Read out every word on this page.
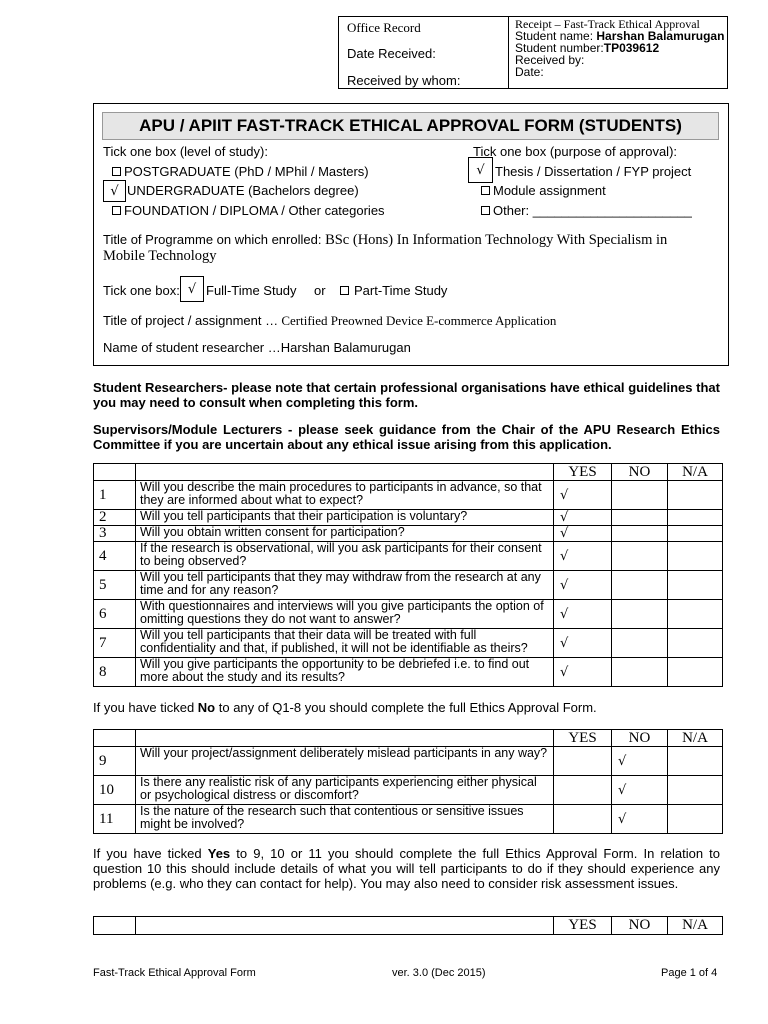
Office Record
Date Received:
Received by whom:
Receipt – Fast-Track Ethical Approval
Student name: Harshan Balamurugan
Student number:TP039612
Received by:
Date:
APU / APIIT FAST-TRACK ETHICAL APPROVAL FORM (STUDENTS)
Tick one box (level of study):
POSTGRADUATE (PhD / MPhil / Masters)
√ UNDERGRADUATE (Bachelors degree)
FOUNDATION / DIPLOMA / Other categories
Tick one box (purpose of approval):
√ Thesis / Dissertation / FYP project
Module assignment
Other: ______________________
Title of Programme on which enrolled: BSc (Hons) In Information Technology With Specialism in
Mobile Technology
Tick one box: √ Full-Time Study or	Part-Time Study
Title of project / assignment … Certified Preowned Device E-commerce Application
Name of student researcher …Harshan Balamurugan
Student Researchers- please note that certain professional organisations have ethical guidelines that you may need to consult when completing this form.
Supervisors/Module Lecturers - please seek guidance from the Chair of the APU Research Ethics Committee if you are uncertain about any ethical issue arising from this application.
		YES	NO	N/A
1	Will you describe the main procedures to participants in advance, so that they are informed about what to expect?	√		
2	Will you tell participants that their participation is voluntary?	√		
3	Will you obtain written consent for participation?	√		
4	If the research is observational, will you ask participants for their consent to being observed?	√		
5	Will you tell participants that they may withdraw from the research at any time and for any reason?	√		
6	With questionnaires and interviews will you give participants the option of omitting questions they do not want to answer?	√		
7	Will you tell participants that their data will be treated with full confidentiality and that, if published, it will not be identifiable as theirs?	√		
8	Will you give participants the opportunity to be debriefed i.e. to find out more about the study and its results?	√		
If you have ticked No to any of Q1-8 you should complete the full Ethics Approval Form.
		YES	NO	N/A
9	Will your project/assignment deliberately mislead participants in any way?		√	
10	Is there any realistic risk of any participants experiencing either physical or psychological distress or discomfort?		√	
11	Is the nature of the research such that contentious or sensitive issues might be involved?		√	
If you have ticked Yes to 9, 10 or 11 you should complete the full Ethics Approval Form. In relation to question 10 this should include details of what you will tell participants to do if they should experience any problems (e.g. who they can contact for help). You may also need to consider risk assessment issues.
		YES	NO	N/A
Fast-Track Ethical Approval Form	ver. 3.0 (Dec 2015)	Page 1 of 4
